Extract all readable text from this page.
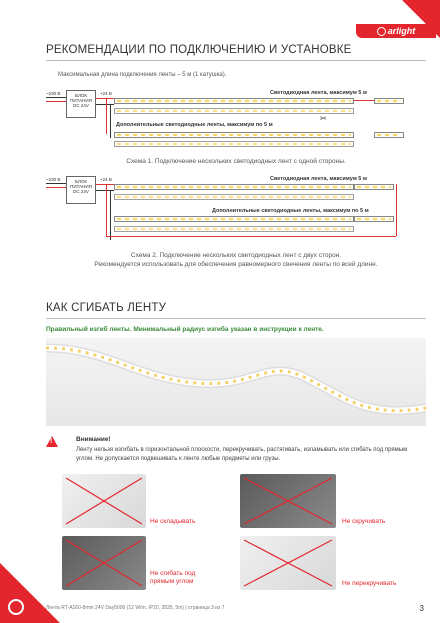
arlight
РЕКОМЕНДАЦИИ ПО ПОДКЛЮЧЕНИЮ И УСТАНОВКЕ
Максимальная длина подключения ленты – 5 м (1 катушка).
~230 В	БЛОК ПИТАНИЯ DC 24V
+24 В	Светодиодная лента, максимум 5 м
Дополнительные светодиодные ленты, максимум по 5 м
✂
Схема 1. Подключение нескольких светодиодных лент с одной стороны.
~230 В	БЛОК ПИТАНИЯ DC 24V
+24 В	Светодиодная лента, максимум 5 м
Дополнительные светодиодные ленты, максимум по 5 м
Схема 2. Подключение нескольких светодиодных лент с двух сторон.
Рекомендуется использовать для обеспечения равномерного свечения ленты по всей длине.
КАК СГИБАТЬ ЛЕНТУ
Правильный изгиб ленты. Минимальный радиус изгиба указан в инструкции к ленте.
!	Внимание!
Ленту нельзя изгибать в горизонтальной плоскости, перекручивать, растягивать, изламывать или сгибать под прямым углом. Не допускается подвешивать к ленте любые предметы или грузы.
Не складывать	Не скручивать
Не сгибать под прямым углом	Не перекручивать
Лента RT-A160-8mm 24V Day5000 (12 W/m, IP20, 2835, 5m) | страница 3 из 7	3
